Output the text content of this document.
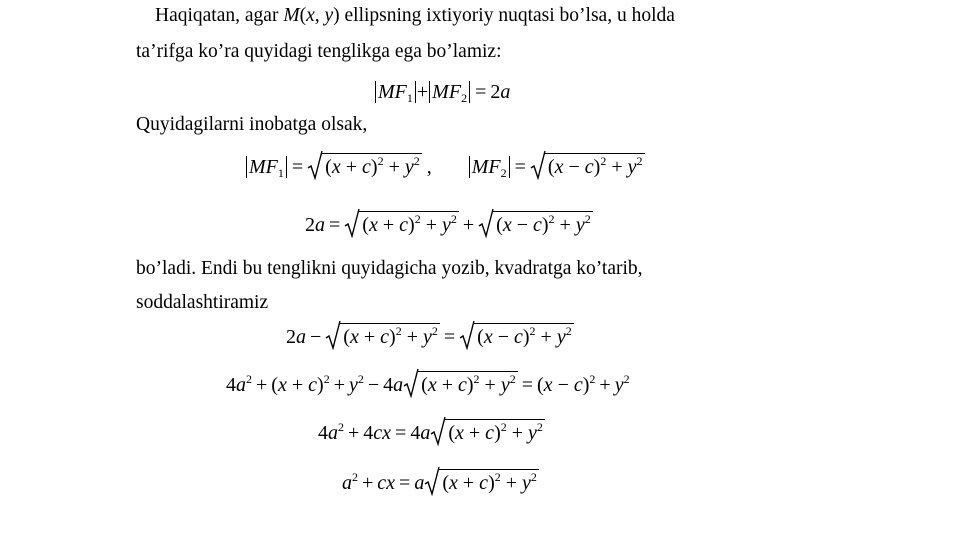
Haqiqatan, agar M(x, y) ellipsning ixtiyoriy nuqtasi bo’lsa, u holda
ta’rifga ko’ra quyidagi tenglikga ega bo’lamiz:
$MF_1 + MF_2 = 2a$
Quyidagilarni inobatga olsak,
$MF_1 = (x + c)^2 + y^2$ ,  $MF_2 = (x - c)^2 + y^2$
$2a = (x + c)^2 + y^2 + (x - c)^2 + y^2$
bo’ladi. Endi bu tenglikni quyidagicha yozib, kvadratga ko’tarib,
soddalashtiramiz
$2a - (x + c)^2 + y^2 = (x - c)^2 + y^2$
$4a^2 + (x + c)^2 + y^2 - 4a$ $(x + c)^2 + y^2 = (x - c)^2 + y^2$
$4a^2 + 4cx = 4a$ $(x + c)^2 + y^2$
$a^2$ + cx = a $(x + c)^2 + y^2$
